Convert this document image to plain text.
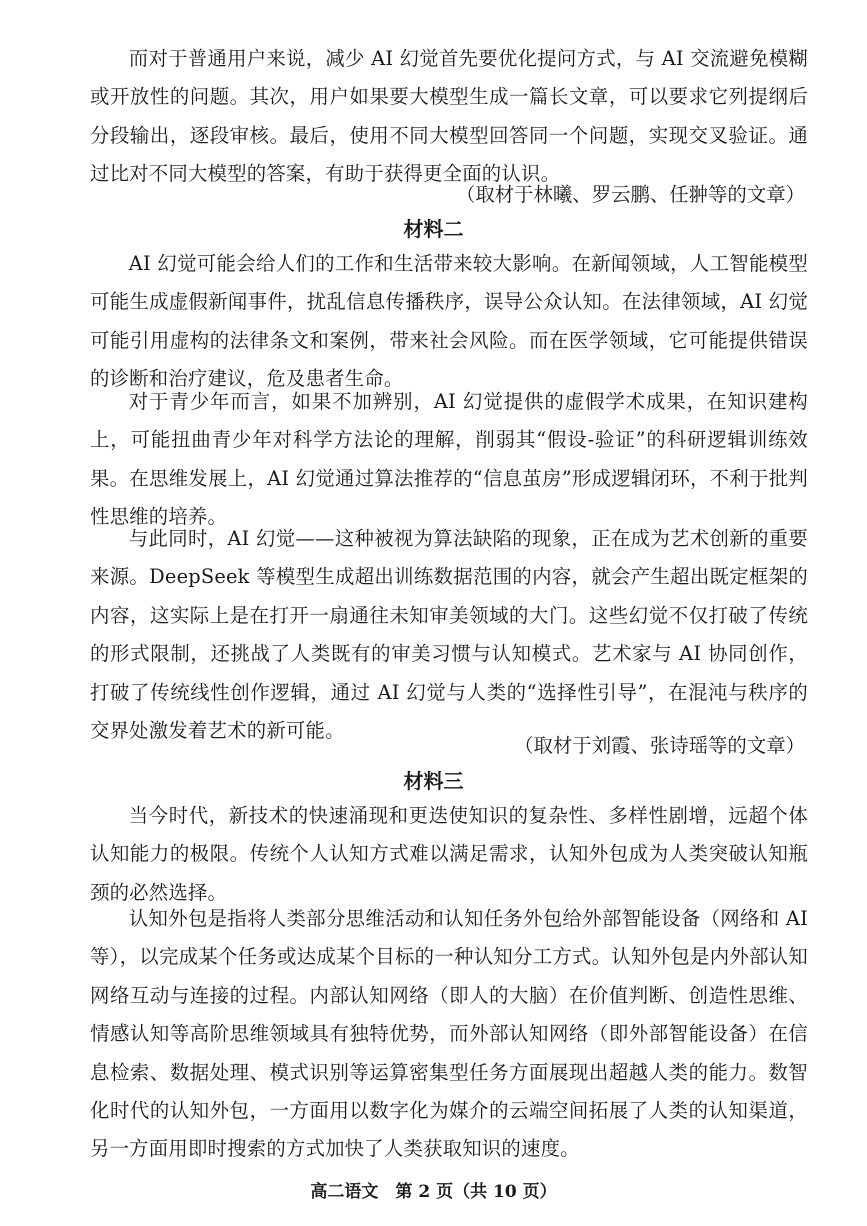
而对于普通用户来说，减少 AI 幻觉首先要优化提问方式，与 AI 交流避免模糊或开放性的问题。其次，用户如果要大模型生成一篇长文章，可以要求它列提纲后分段输出，逐段审核。最后，使用不同大模型回答同一个问题，实现交叉验证。通过比对不同大模型的答案，有助于获得更全面的认识。

（取材于林曦、罗云鹏、任翀等的文章）

材料二

AI 幻觉可能会给人们的工作和生活带来较大影响。在新闻领域，人工智能模型可能生成虚假新闻事件，扰乱信息传播秩序，误导公众认知。在法律领域，AI 幻觉可能引用虚构的法律条文和案例，带来社会风险。而在医学领域，它可能提供错误的诊断和治疗建议，危及患者生命。

对于青少年而言，如果不加辨别，AI 幻觉提供的虚假学术成果，在知识建构上，可能扭曲青少年对科学方法论的理解，削弱其“假设-验证”的科研逻辑训练效果。在思维发展上，AI 幻觉通过算法推荐的“信息茧房”形成逻辑闭环，不利于批判性思维的培养。

与此同时，AI 幻觉——这种被视为算法缺陷的现象，正在成为艺术创新的重要来源。DeepSeek 等模型生成超出训练数据范围的内容，就会产生超出既定框架的内容，这实际上是在打开一扇通往未知审美领域的大门。这些幻觉不仅打破了传统的形式限制，还挑战了人类既有的审美习惯与认知模式。艺术家与 AI 协同创作，打破了传统线性创作逻辑，通过 AI 幻觉与人类的“选择性引导”，在混沌与秩序的交界处激发着艺术的新可能。

（取材于刘霞、张诗瑶等的文章）

材料三

当今时代，新技术的快速涌现和更迭使知识的复杂性、多样性剧增，远超个体认知能力的极限。传统个人认知方式难以满足需求，认知外包成为人类突破认知瓶颈的必然选择。

认知外包是指将人类部分思维活动和认知任务外包给外部智能设备（网络和 AI 等），以完成某个任务或达成某个目标的一种认知分工方式。认知外包是内外部认知网络互动与连接的过程。内部认知网络（即人的大脑）在价值判断、创造性思维、情感认知等高阶思维领域具有独特优势，而外部认知网络（即外部智能设备）在信息检索、数据处理、模式识别等运算密集型任务方面展现出超越人类的能力。数智化时代的认知外包，一方面用以数字化为媒介的云端空间拓展了人类的认知渠道，另一方面用即时搜索的方式加快了人类获取知识的速度。

高二语文　第 2 页（共 10 页）
